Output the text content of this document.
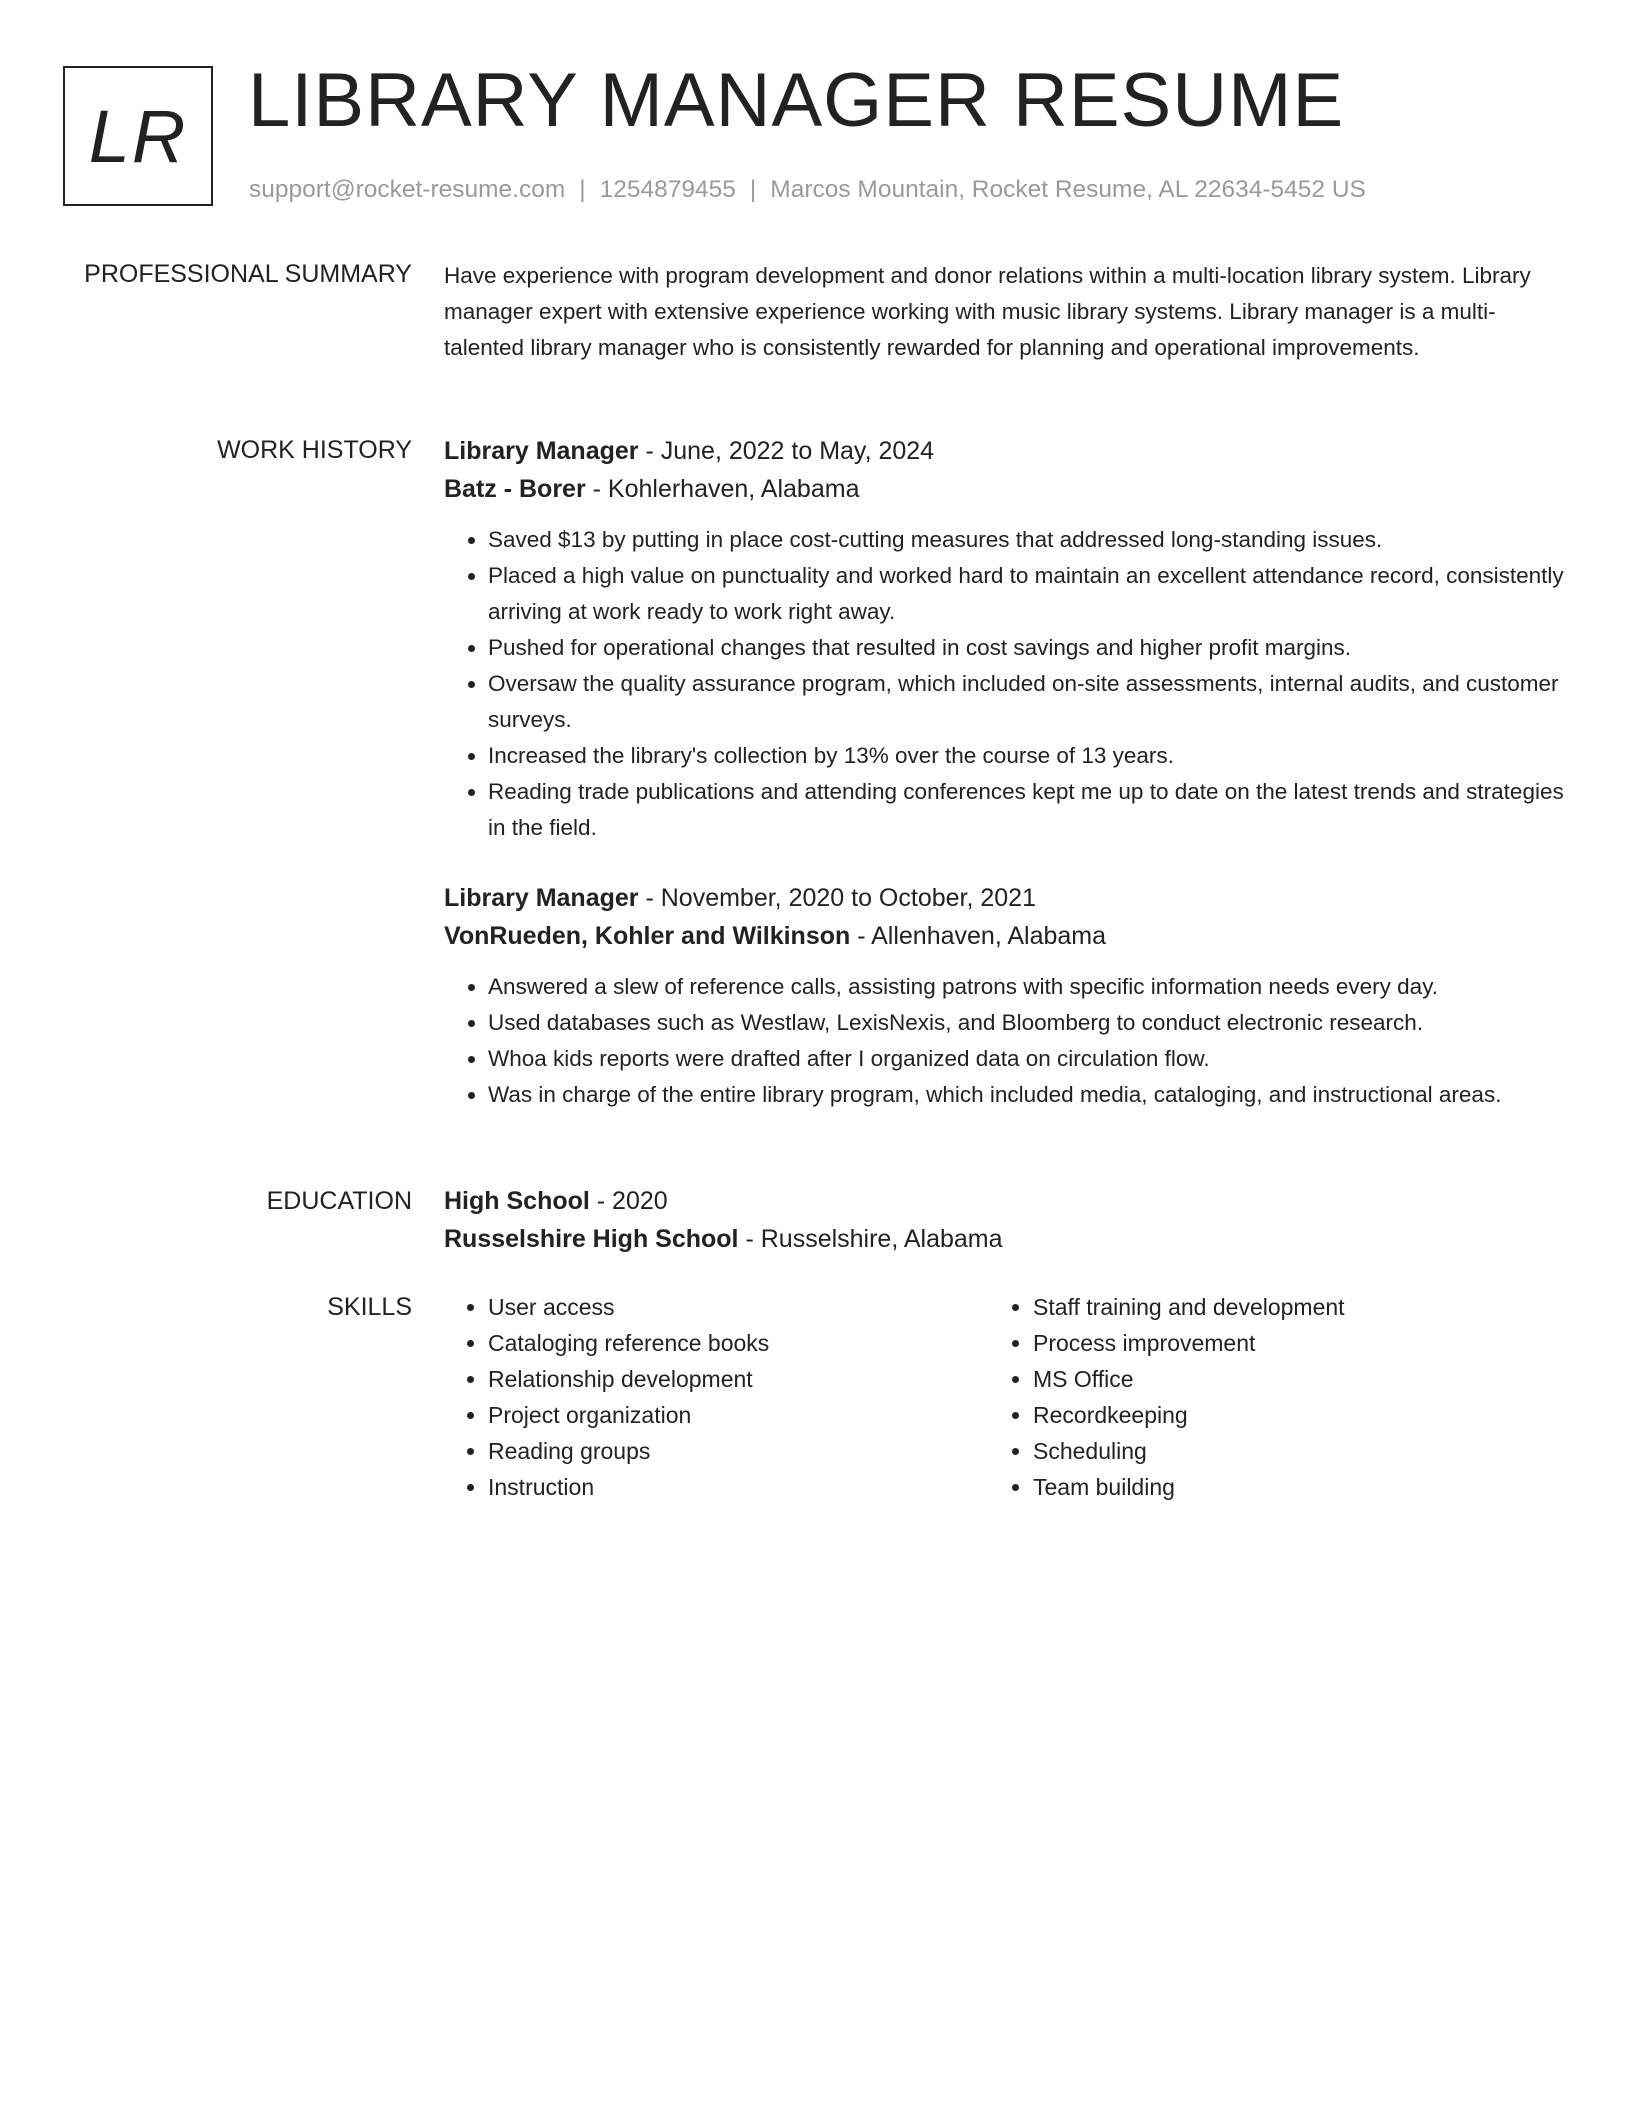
LR LIBRARY MANAGER RESUME
support@rocket-resume.com | 1254879455 | Marcos Mountain, Rocket Resume, AL 22634-5452 US
PROFESSIONAL SUMMARY Have experience with program development and donor relations within a multi-location library system. Library manager expert with extensive experience working with music library systems. Library manager is a multi-talented library manager who is consistently rewarded for planning and operational improvements.
WORK HISTORY Library Manager - June, 2022 to May, 2024
Batz - Borer - Kohlerhaven, Alabama
• Saved $13 by putting in place cost-cutting measures that addressed long-standing issues.
• Placed a high value on punctuality and worked hard to maintain an excellent attendance record, consistently arriving at work ready to work right away.
• Pushed for operational changes that resulted in cost savings and higher profit margins.
• Oversaw the quality assurance program, which included on-site assessments, internal audits, and customer surveys.
• Increased the library's collection by 13% over the course of 13 years.
• Reading trade publications and attending conferences kept me up to date on the latest trends and strategies in the field.
Library Manager - November, 2020 to October, 2021
VonRueden, Kohler and Wilkinson - Allenhaven, Alabama
• Answered a slew of reference calls, assisting patrons with specific information needs every day.
• Used databases such as Westlaw, LexisNexis, and Bloomberg to conduct electronic research.
• Whoa kids reports were drafted after I organized data on circulation flow.
• Was in charge of the entire library program, which included media, cataloging, and instructional areas.
EDUCATION High School - 2020
Russelshire High School - Russelshire, Alabama
SKILLS
•	User access
• Cataloging reference books
• Relationship development
• Project organization
• Reading groups
• Instruction
• Staff training and development
• Process improvement
• MS Office
• Recordkeeping
• Scheduling
• Team building
